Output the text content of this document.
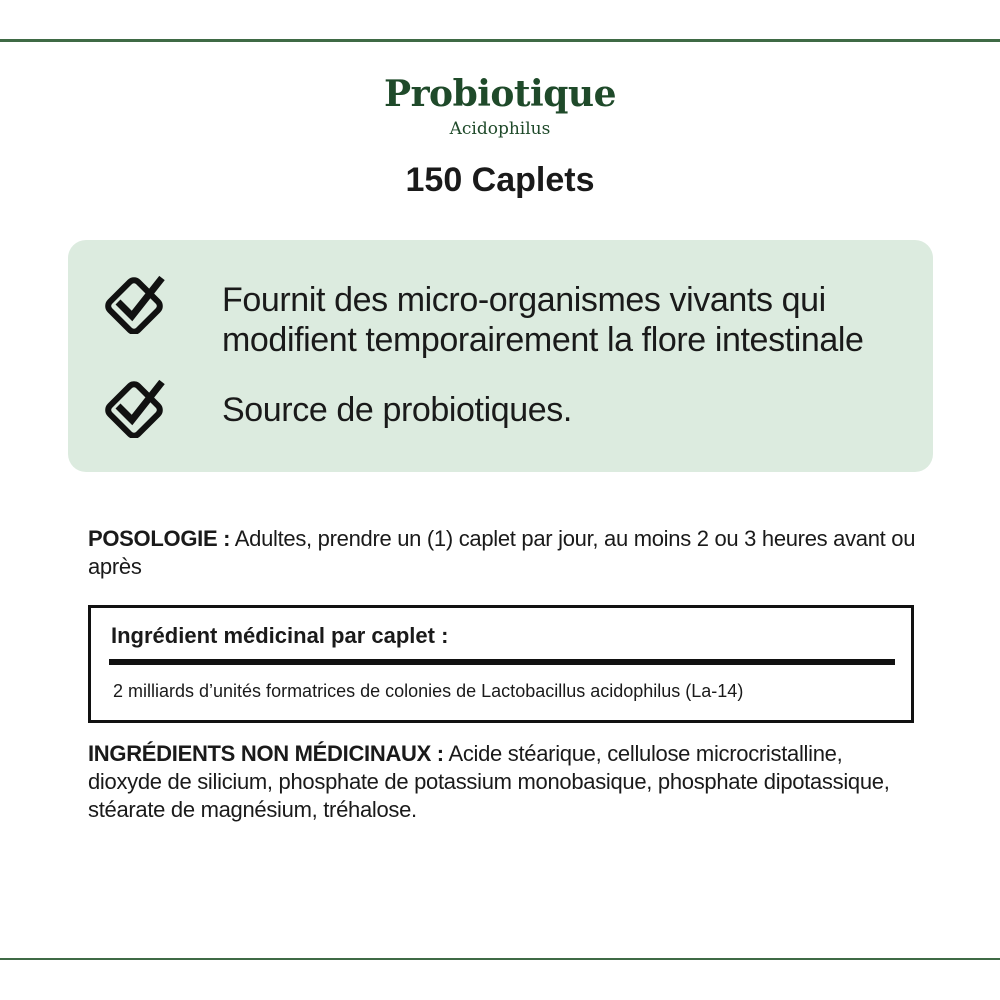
Probiotique
Acidophilus
150 Caplets
Fournit des micro-organismes vivants qui
modifient temporairement la flore intestinale
Source de probiotiques.
POSOLOGIE : Adultes, prendre un (1) caplet par jour, au moins 2 ou 3 heures avant ou après
Ingrédient médicinal par caplet :
2 milliards d’unités formatrices de colonies de Lactobacillus acidophilus (La-14)
INGRÉDIENTS NON MÉDICINAUX : Acide stéarique, cellulose microcristalline, dioxyde de silicium, phosphate de potassium monobasique, phosphate dipotassique, stéarate de magnésium, tréhalose.
